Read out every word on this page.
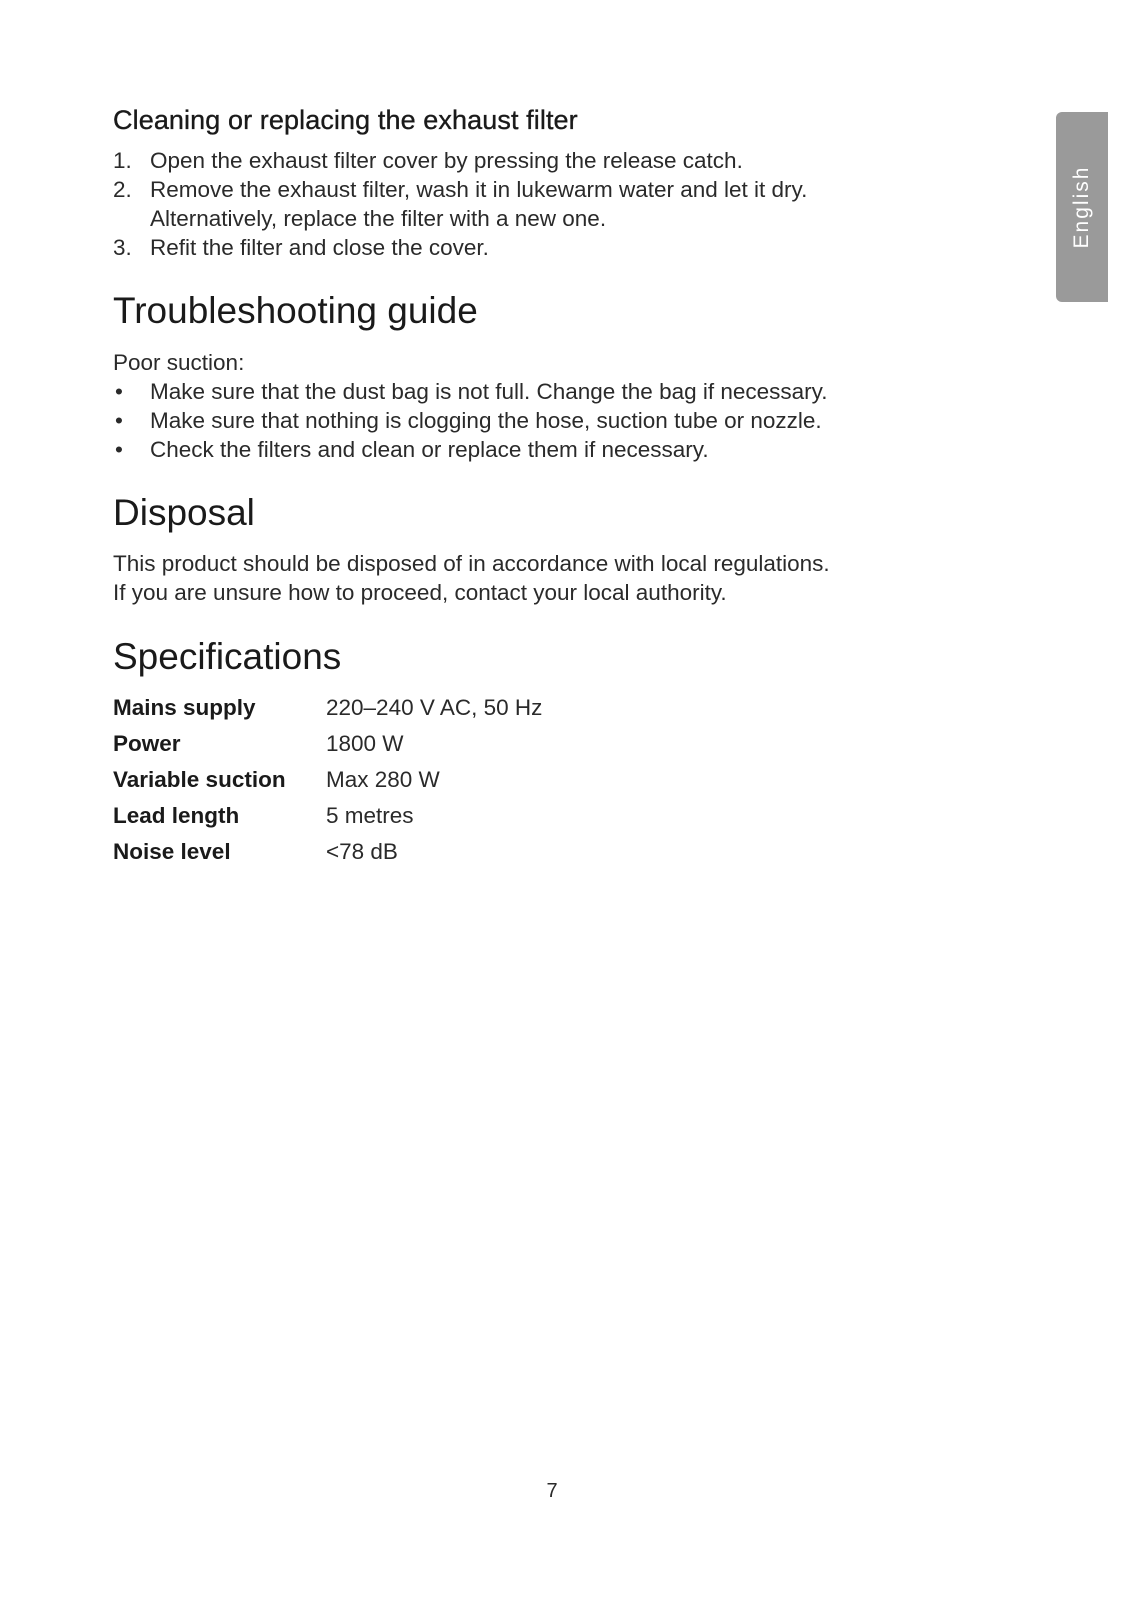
Cleaning or replacing the exhaust filter
1. Open the exhaust filter cover by pressing the release catch.
2. Remove the exhaust filter, wash it in lukewarm water and let it dry.
Alternatively, replace the filter with a new one.
3. Refit the filter and close the cover.
Troubleshooting guide

Poor suction:

• Make sure that the dust bag is not full. Change the bag if necessary.
• Make sure that nothing is clogging the hose, suction tube or nozzle.
• Check the filters and clean or replace them if necessary.
Disposal

This product should be disposed of in accordance with local regulations.
If you are unsure how to proceed, contact your local authority.

Specifications
Mains supply	220–240 V AC, 50 Hz
Power	1800 W
Variable suction	Max 280 W
Lead length	5 metres
Noise level	<78 dB
English
7
